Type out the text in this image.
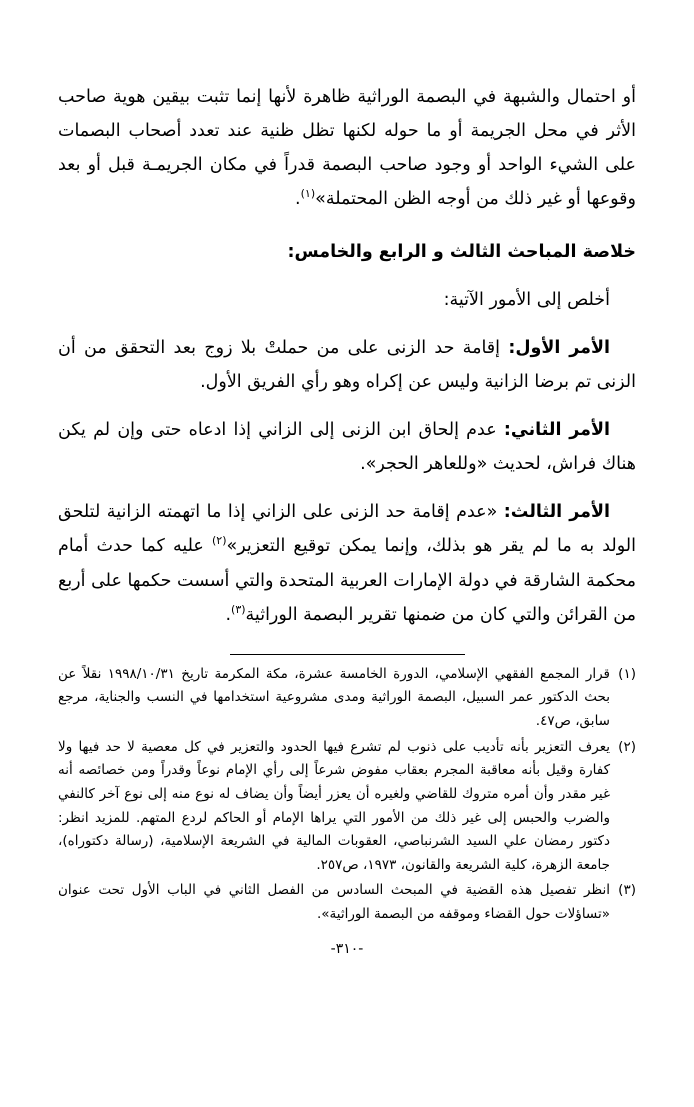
أو احتمال والشبهة في البصمة الوراثية ظاهرة لأنها إنما تثبت بيقين هوية صاحب الأثر في محل الجريمة أو ما حوله لكنها تظل ظنية عند تعدد أصحاب البصمات على الشيء الواحد أو وجود صاحب البصمة قدراً في مكان الجريمـة قبل أو بعد وقوعها أو غير ذلك من أوجه الظن المحتملة»$^{(١)}$.

خلاصة المباحث الثالث و الرابع والخامس:

أخلص إلى الأمور الآتية:

الأمر الأول: إقامة حد الزنى على من حملتْ بلا زوج بعد التحقق من أن الزنى تم برضا الزانية وليس عن إكراه وهو رأي الفريق الأول.

الأمر الثاني: عدم إلحاق ابن الزنى إلى الزاني إذا ادعاه حتى وإن لم يكن هناك فراش، لحديث «وللعاهر الحجر».

الأمر الثالث: «عدم إقامة حد الزنى على الزاني إذا ما اتهمته الزانية لتلحق الولد به ما لم يقر هو بذلك، وإنما يمكن توقيع التعزير»$^{(٢)}$ عليه كما حدث أمام محكمة الشارقة في دولة الإمارات العربية المتحدة والتي أسست حكمها على أربع من القرائن والتي كان من ضمنها تقرير البصمة الوراثية$^{(٣)}$.

(١)
قرار المجمع الفقهي الإسلامي، الدورة الخامسة عشرة، مكة المكرمة تاريخ ١٩٩٨/١٠/٣١ نقلاً عن بحث الدكتور عمر السبيل، البصمة الوراثية ومدى مشروعية استخدامها في النسب والجناية، مرجع سابق، ص٤٧.

(٢)
يعرف التعزير بأنه تأديب على ذنوب لم تشرع فيها الحدود والتعزير في كل معصية لا حد فيها ولا كفارة وقيل بأنه معاقبة المجرم بعقاب مفوض شرعاً إلى رأي الإمام نوعاً وقدراً ومن خصائصه أنه غير مقدر وأن أمره متروك للقاضي ولغيره أن يعزر أيضاً وأن يضاف له نوع منه إلى نوع آخر كالنفي والضرب والحبس إلى غير ذلك من الأمور التي يراها الإمام أو الحاكم لردع المتهم. للمزيد انظر: دكتور رمضان علي السيد الشرنباصي، العقوبات المالية في الشريعة الإسلامية، (رسالة دكتوراه)، جامعة الزهرة، كلية الشريعة والقانون، ١٩٧٣، ص٢٥٧.

(٣)
انظر تفصيل هذه القضية في المبحث السادس من الفصل الثاني في الباب الأول تحت عنوان «تساؤلات حول القضاء وموقفه من البصمة الوراثية».

-٣١٠-
